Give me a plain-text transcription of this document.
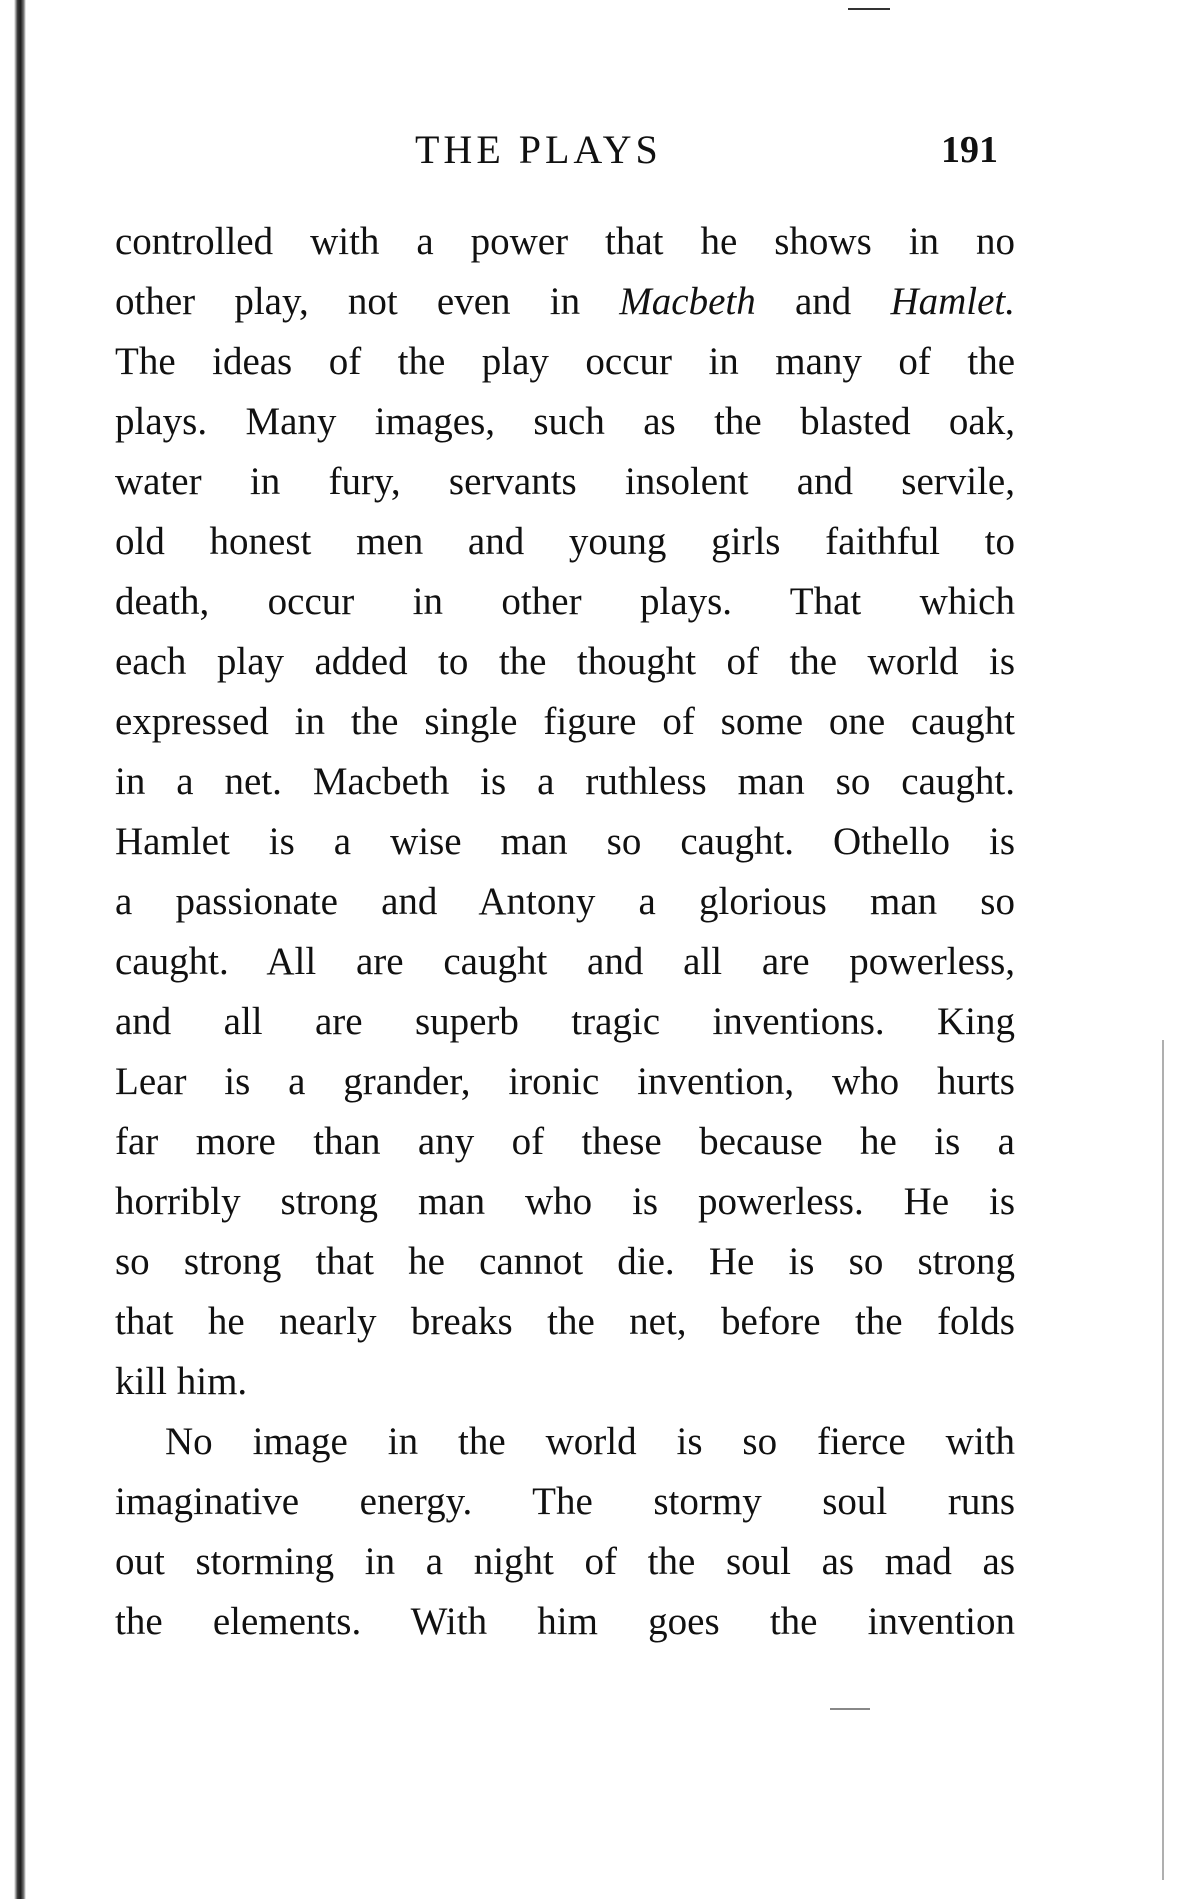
THE PLAYS	191
controlled with a power that he shows in no
other play, not even in Macbeth and Hamlet.
The ideas of the play occur in many of the
plays. Many images, such as the blasted oak,
water in fury, servants insolent and servile,
old honest men and young girls faithful to
death, occur in other plays. That which
each play added to the thought of the world is
expressed in the single figure of some one caught
in a net. Macbeth is a ruthless man so caught.
Hamlet is a wise man so caught. Othello is
a passionate and Antony a glorious man so
caught. All are caught and all are powerless,
and all are superb tragic inventions. King
Lear is a grander, ironic invention, who hurts
far more than any of these because he is a
horribly strong man who is powerless. He is
so strong that he cannot die. He is so strong
that he nearly breaks the net, before the folds
kill him.
No image in the world is so fierce with
imaginative energy. The stormy soul runs
out storming in a night of the soul as mad as
the elements. With him goes the invention
